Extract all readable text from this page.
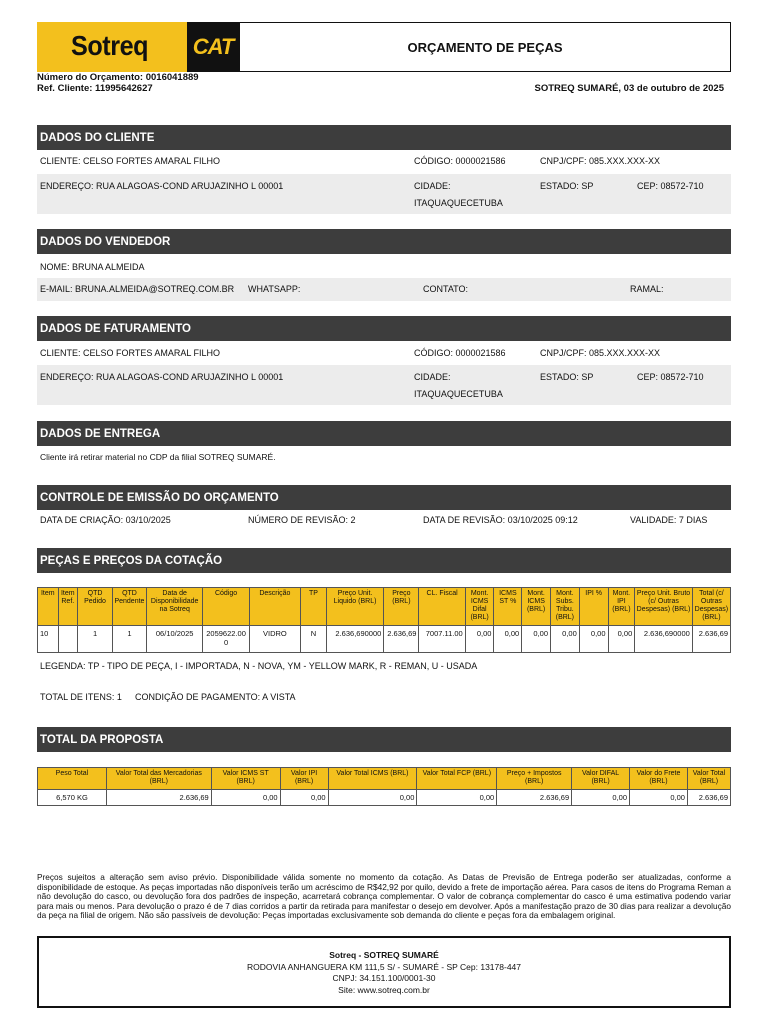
Sotreq CAT	ORÇAMENTO DE PEÇAS
Número do Orçamento: 0016041889
Ref. Cliente: 11995642627	SOTREQ SUMARÉ, 03 de outubro de 2025
DADOS DO CLIENTE
CLIENTE: CELSO FORTES AMARAL FILHO	CÓDIGO: 0000021586	CNPJ/CPF: 085.XXX.XXX-XX
ENDEREÇO: RUA ALAGOAS-COND ARUJAZINHO L 00001	CIDADE:
ITAQUAQUECETUBA
ESTADO: SP	CEP: 08572-710
DADOS DO VENDEDOR
NOME: BRUNA ALMEIDA
E-MAIL: BRUNA.ALMEIDA@SOTREQ.COM.BR WHATSAPP:	CONTATO:	RAMAL:
DADOS DE FATURAMENTO
CLIENTE: CELSO FORTES AMARAL FILHO	CÓDIGO: 0000021586	CNPJ/CPF: 085.XXX.XXX-XX
ENDEREÇO: RUA ALAGOAS-COND ARUJAZINHO L 00001	CIDADE:
ITAQUAQUECETUBA
ESTADO: SP	CEP: 08572-710
DADOS DE ENTREGA
Cliente irá retirar material no CDP da filial SOTREQ SUMARÉ.
CONTROLE DE EMISSÃO DO ORÇAMENTO
DATA DE CRIAÇÃO: 03/10/2025	NÚMERO DE REVISÃO: 2	DATA DE REVISÃO: 03/10/2025 09:12	VALIDADE: 7 DIAS
PEÇAS E PREÇOS DA COTAÇÃO
Item	Item Ref.	QTD Pedido	QTD Pendente	Data de Disponibilidade na Sotreq	Código	Descrição	TP	Preço Unit. Liquido (BRL)	Preço (BRL)	CL. Fiscal	Mont. ICMS Difal (BRL)	ICMS ST %	Mont. ICMS (BRL)	Mont. Subs. Tribu. (BRL)	IPI %	Mont. IPI (BRL)	Preço Unit. Bruto (c/ Outras Despesas) (BRL)	Total (c/ Outras Despesas) (BRL)
10		1	1	06/10/2025	2059622.00 0	VIDRO	N	2.636,690000	2.636,69	7007.11.00	0,00	0,00	0,00	0,00	0,00	0,00	2.636,690000	2.636,69
LEGENDA: TP - TIPO DE PEÇA, I - IMPORTADA, N - NOVA, YM - YELLOW MARK, R - REMAN, U - USADA
TOTAL DE ITENS: 1 CONDIÇÃO DE PAGAMENTO: A VISTA
TOTAL DA PROPOSTA
Peso Total	Valor Total das Mercadorias (BRL)	Valor ICMS ST (BRL)	Valor IPI (BRL)	Valor Total ICMS (BRL)	Valor Total FCP (BRL)	Preço + Impostos (BRL)	Valor DIFAL (BRL)	Valor do Frete (BRL)	Valor Total (BRL)
6,570 KG	2.636,69	0,00	0,00	0,00	0,00	2.636,69	0,00	0,00	2.636,69
Preços sujeitos a alteração sem aviso prévio. Disponibilidade válida somente no momento da cotação. As Datas de Previsão de Entrega poderão ser atualizadas, conforme a disponibilidade de estoque. As peças importadas não disponíveis terão um acréscimo de R$42,92 por quilo, devido a frete de importação aérea. Para casos de itens do Programa Reman a não devolução do casco, ou devolução fora dos padrões de inspeção, acarretará cobrança complementar. O valor de cobrança complementar do casco é uma estimativa podendo variar para mais ou menos. Para devolução o prazo é de 7 dias corridos a partir da retirada para manifestar o desejo em devolver. Após a manifestação prazo de 30 dias para realizar a devolução da peça na filial de origem. Não são passíveis de devolução: Peças importadas exclusivamente sob demanda do cliente e peças fora da embalagem original.
Sotreq - SOTREQ SUMARÉ
RODOVIA ANHANGUERA KM 111,5 S/ - SUMARÉ - SP Cep: 13178-447
CNPJ: 34.151.100/0001-30
Site: www.sotreq.com.br
